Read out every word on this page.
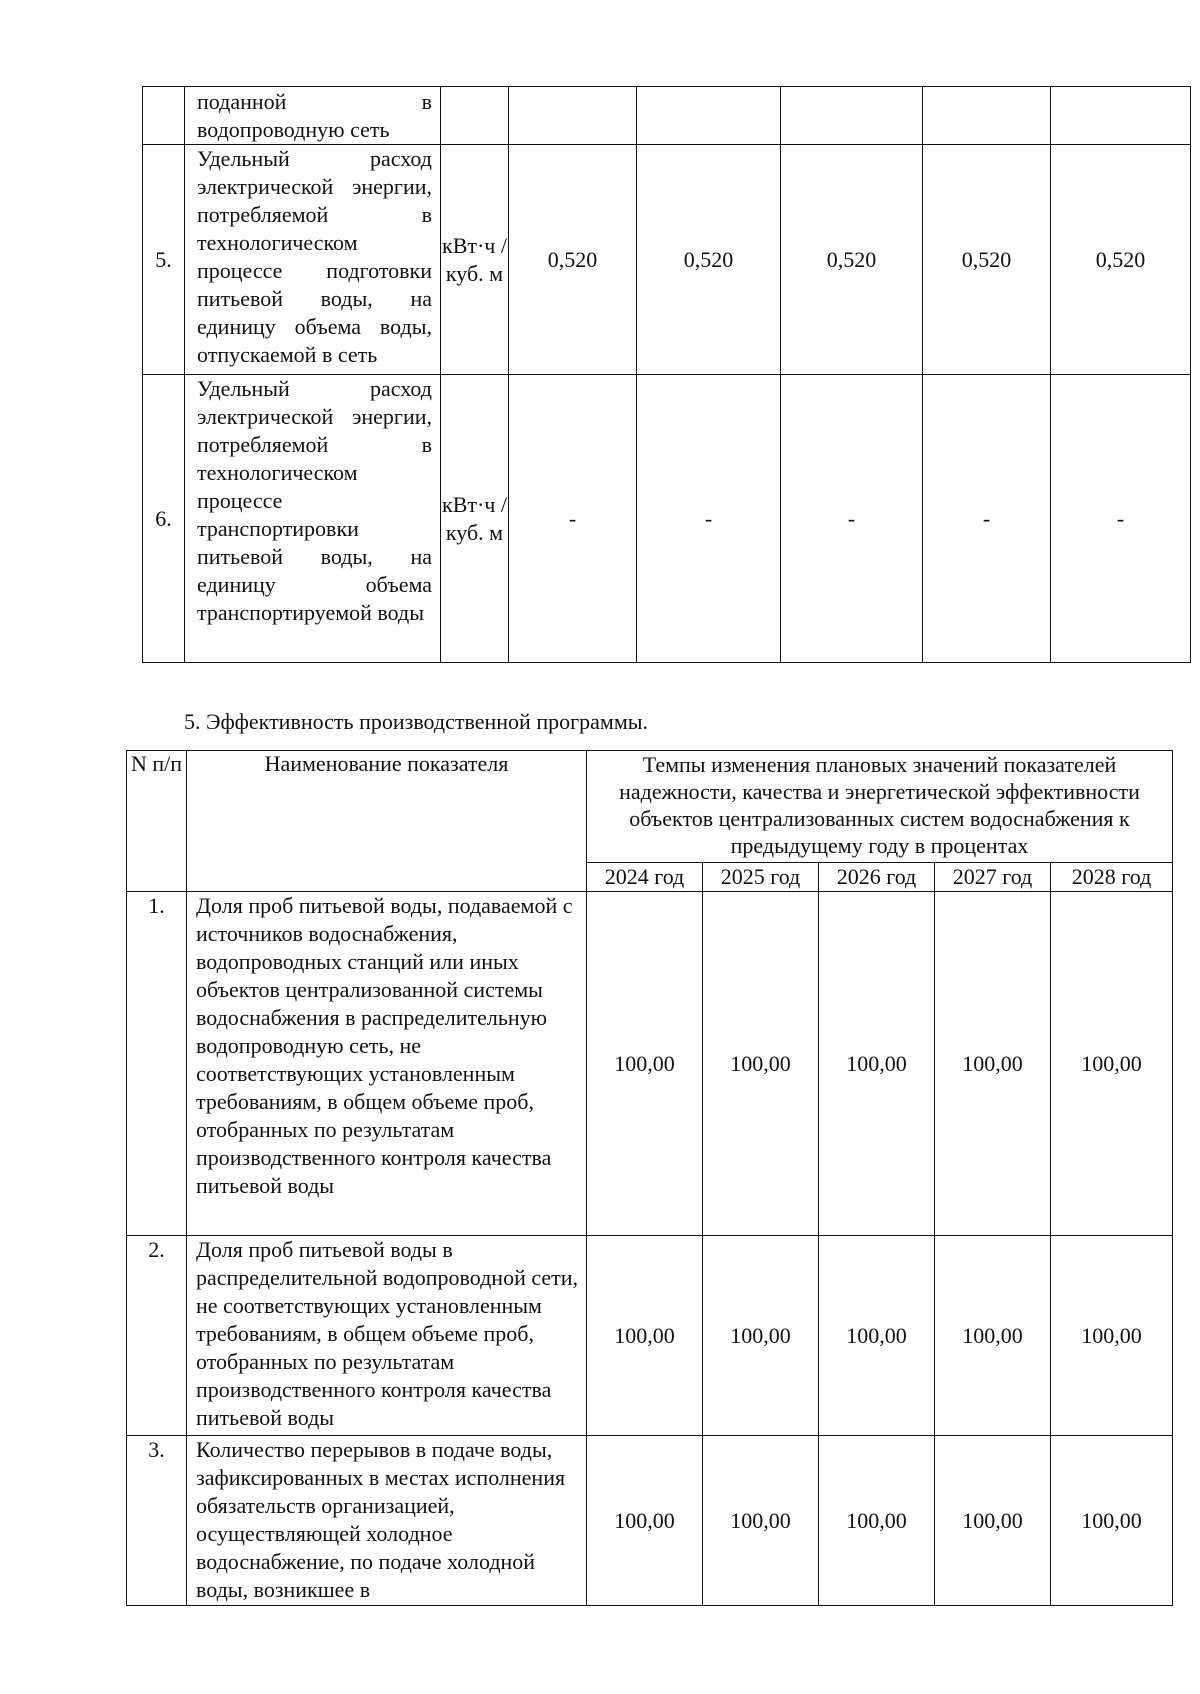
	поданной в водопроводную сеть						
5.	Удельный расход электрической энергии, потребляемой в технологическом процессе подготовки питьевой воды, на единицу объема воды, отпускаемой в сеть	кВт·ч / куб. м	0,520	0,520	0,520	0,520	0,520
6.	Удельный расход электрической энергии, потребляемой в технологическом процессе транспортировки питьевой воды, на единицу объема транспортируемой воды	кВт·ч / куб. м	-	-	-	-	-
5. Эффективность производственной программы.
N п/п	Наименование показателя	Темпы изменения плановых значений показателей надежности, качества и энергетической эффективности объектов централизованных систем водоснабжения к предыдущему году в процентах				
		2024 год	2025 год	2026 год	2027 год	2028 год
1.	Доля проб питьевой воды, подаваемой с источников водоснабжения, водопроводных станций или иных объектов централизованной системы водоснабжения в распределительную водопроводную сеть, не соответствующих установленным требованиям, в общем объеме проб, отобранных по результатам производственного контроля качества питьевой воды	100,00	100,00	100,00	100,00	100,00
2.	Доля проб питьевой воды в распределительной водопроводной сети, не соответствующих установленным требованиям, в общем объеме проб, отобранных по результатам производственного контроля качества питьевой воды	100,00	100,00	100,00	100,00	100,00
3.	Количество перерывов в подаче воды, зафиксированных в местах исполнения обязательств организацией, осуществляющей холодное водоснабжение, по подаче холодной воды, возникшее в	100,00	100,00	100,00	100,00	100,00
